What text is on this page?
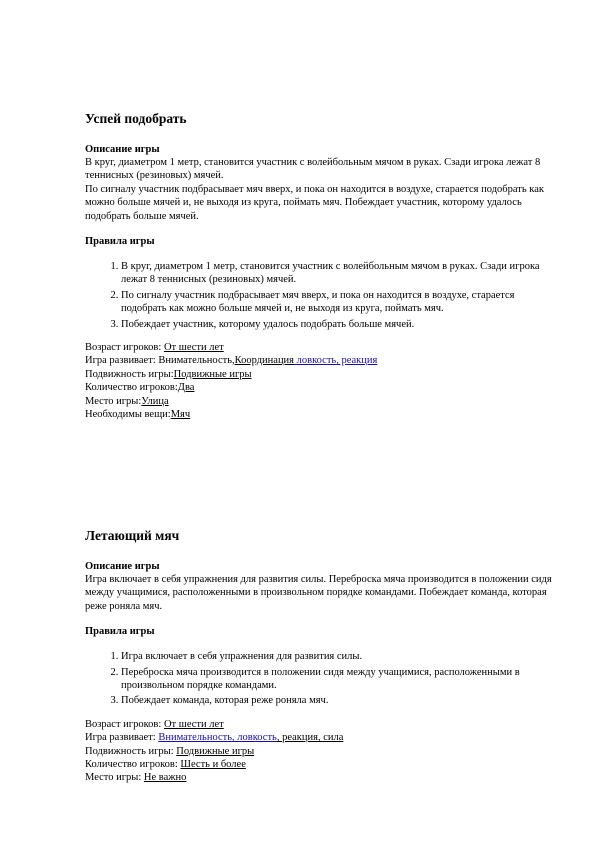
Успей подобрать
Описание игры

В круг, диаметром 1 метр, становится участник с волейбольным мячом в руках. Сзади игрока лежат 8 теннисных (резиновых) мячей.

По сигналу участник подбрасывает мяч вверх, и пока он находится в воздухе, старается подобрать как можно больше мячей и, не выходя из круга, поймать мяч. Побеждает участник, которому удалось подобрать больше мячей.

Правила игры
1. В круг, диаметром 1 метр, становится участник с волейбольным мячом в руках. Сзади игрока лежат 8 теннисных (резиновых) мячей.
2. По сигналу участник подбрасывает мяч вверх, и пока он находится в воздухе, старается подобрать как можно больше мячей и, не выходя из круга, поймать мяч.
3. Побеждает участник, которому удалось подобрать больше мячей.

Возраст игроков: От шести лет

Игра развивает: Внимательность,Координация ловкость, реакция

Подвижность игры:Подвижные игры

Количество игроков:Два

Место игры:Улица

Необходимы вещи:Мяч

Летающий мяч
Описание игры

Игра включает в себя упражнения для развития силы. Переброска мяча производится в положении сидя между учащимися, расположенными в произвольном порядке командами. Побеждает команда, которая реже роняла мяч.

Правила игры
1. Игра включает в себя упражнения для развития силы.
2. Переброска мяча производится в положении сидя между учащимися, расположенными в произвольном порядке командами.
3. Побеждает команда, которая реже роняла мяч.

Возраст игроков: От шести лет

Игра развивает: Внимательность, ловкость, реакция, сила

Подвижность игры: Подвижные игры

Количество игроков: Шесть и более

Место игры: Не важно
